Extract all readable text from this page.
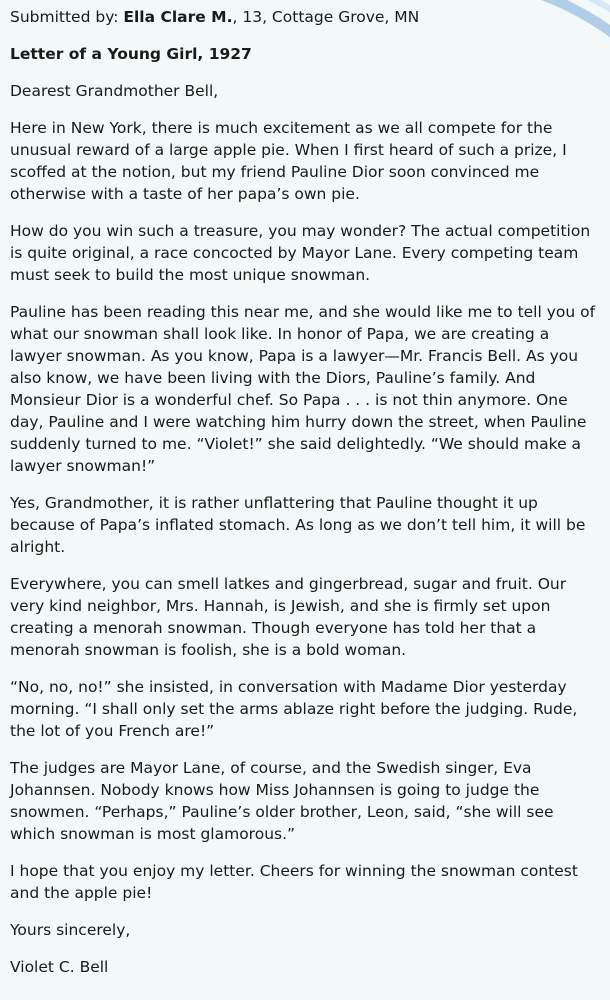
Submitted by: Ella Clare M., 13, Cottage Grove, MN
Letter of a Young Girl, 1927
Dearest Grandmother Bell,
Here in New York, there is much excitement as we all compete for the unusual reward of a large apple pie. When I first heard of such a prize, I scoffed at the notion, but my friend Pauline Dior soon convinced me otherwise with a taste of her papa’s own pie.
How do you win such a treasure, you may wonder? The actual competition is quite original, a race concocted by Mayor Lane. Every competing team must seek to build the most unique snowman.
Pauline has been reading this near me, and she would like me to tell you of what our snowman shall look like. In honor of Papa, we are creating a lawyer snowman. As you know, Papa is a lawyer—Mr. Francis Bell. As you also know, we have been living with the Diors, Pauline’s family. And Monsieur Dior is a wonderful chef. So Papa . . . is not thin anymore. One day, Pauline and I were watching him hurry down the street, when Pauline suddenly turned to me. “Violet!” she said delightedly. “We should make a lawyer snowman!”
Yes, Grandmother, it is rather unflattering that Pauline thought it up because of Papa’s inflated stomach. As long as we don’t tell him, it will be alright.
Everywhere, you can smell latkes and gingerbread, sugar and fruit. Our very kind neighbor, Mrs. Hannah, is Jewish, and she is firmly set upon creating a menorah snowman. Though everyone has told her that a menorah snowman is foolish, she is a bold woman.
“No, no, no!” she insisted, in conversation with Madame Dior yesterday morning. “I shall only set the arms ablaze right before the judging. Rude, the lot of you French are!”
The judges are Mayor Lane, of course, and the Swedish singer, Eva Johannsen. Nobody knows how Miss Johannsen is going to judge the snowmen. “Perhaps,” Pauline’s older brother, Leon, said, “she will see which snowman is most glamorous.”
I hope that you enjoy my letter. Cheers for winning the snowman contest and the apple pie!
Yours sincerely,
Violet C. Bell
